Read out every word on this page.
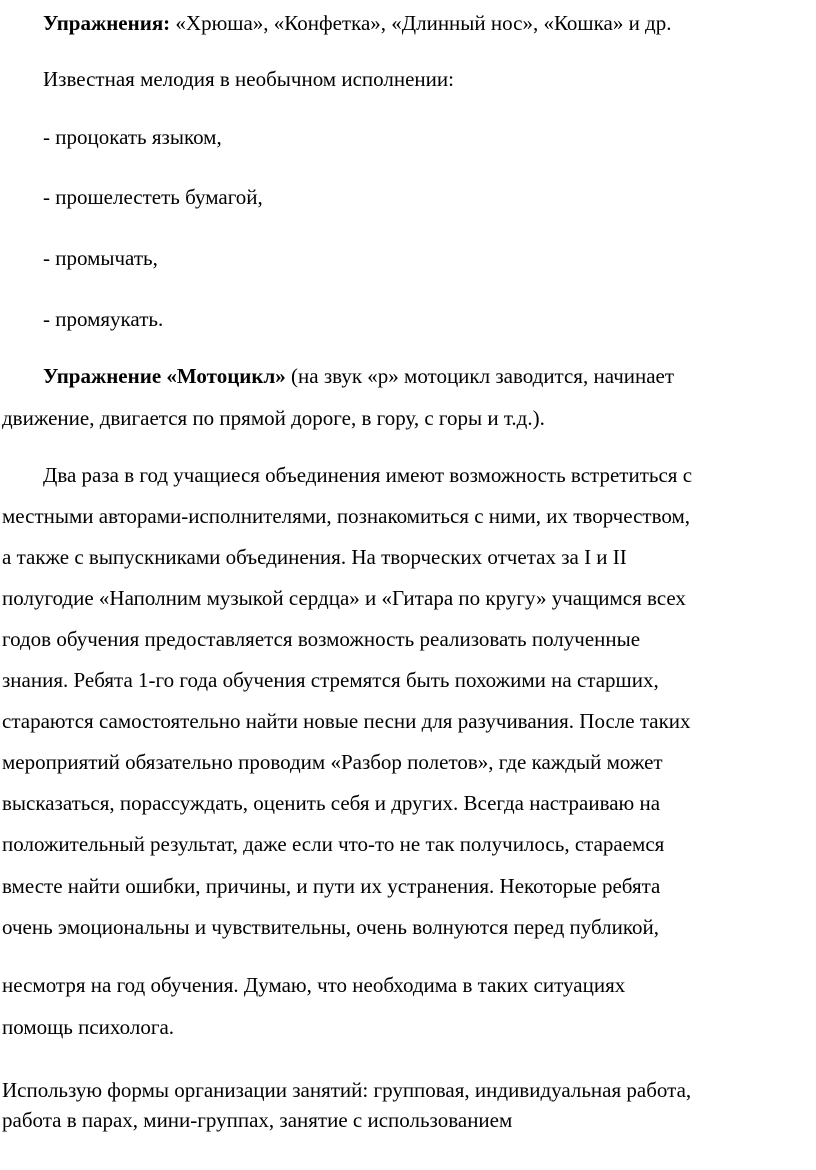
Упражнения: «Хрюша», «Конфетка», «Длинный нос», «Кошка» и др.
Известная мелодия в необычном исполнении:
- процокать языком,
- прошелестеть бумагой,
- промычать,
- промяукать.
Упражнение «Мотоцикл» (на звук «р» мотоцикл заводится, начинает
движение, двигается по прямой дороге, в гору, с горы и т.д.).
Два раза в год учащиеся объединения имеют возможность встретиться с
местными авторами-исполнителями, познакомиться с ними, их творчеством,
а также с выпускниками объединения. На творческих отчетах за I и II
полугодие «Наполним музыкой сердца» и «Гитара по кругу» учащимся всех
годов обучения предоставляется возможность реализовать полученные
знания. Ребята 1-го года обучения стремятся быть похожими на старших,
стараются самостоятельно найти новые песни для разучивания. После таких
мероприятий обязательно проводим «Разбор полетов», где каждый может
высказаться, порассуждать, оценить себя и других. Всегда настраиваю на
положительный результат, даже если что-то не так получилось, стараемся
вместе найти ошибки, причины, и пути их устранения. Некоторые ребята
очень эмоциональны и чувствительны, очень волнуются перед публикой,
несмотря на год обучения. Думаю, что необходима в таких ситуациях
помощь психолога.
Использую формы организации занятий: групповая, индивидуальная работа,
работа в парах, мини-группах, занятие с использованием
